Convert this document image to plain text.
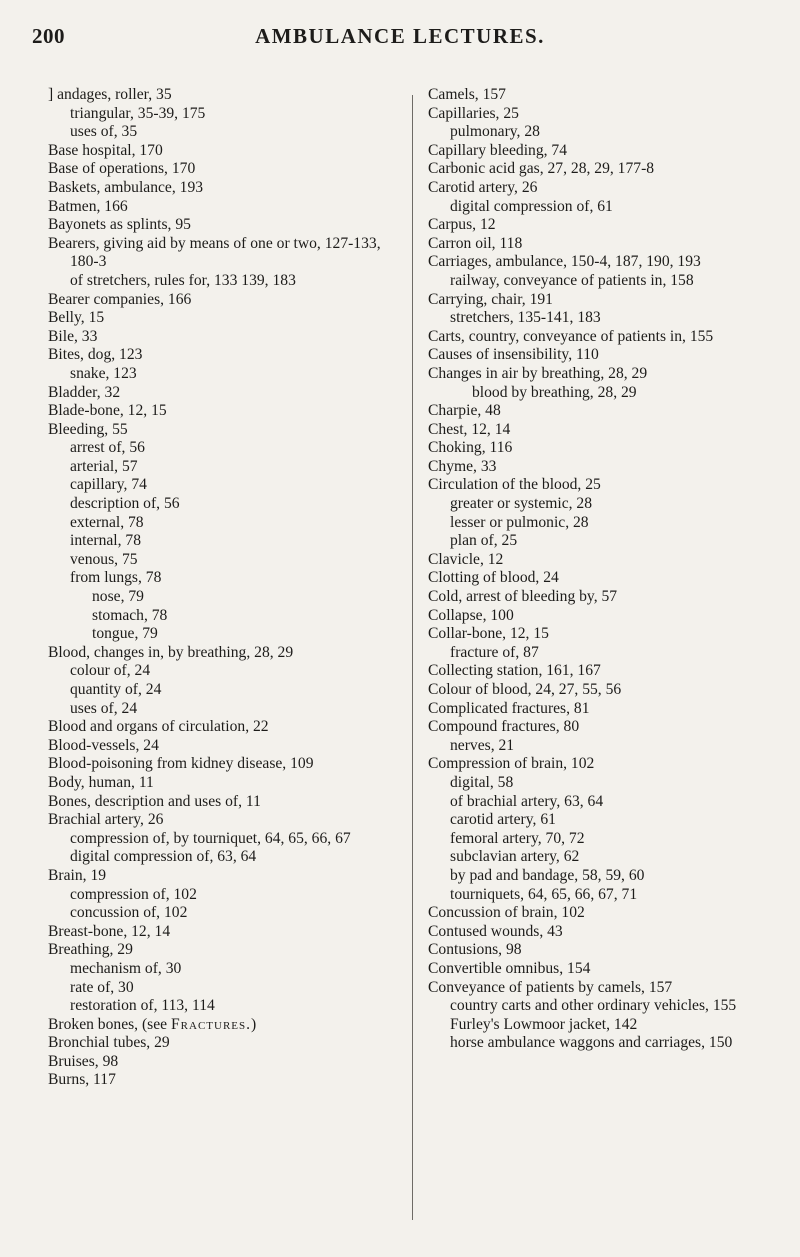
200	AMBULANCE LECTURES.
] andages, roller, 35
triangular, 35-39, 175
uses of, 35
Base hospital, 170
Base of operations, 170
Baskets, ambulance, 193
Batmen, 166
Bayonets as splints, 95
Bearers, giving aid by means of one or two, 127-133, 180-3
of stretchers, rules for, 133 139, 183
Bearer companies, 166
Belly, 15
Bile, 33
Bites, dog, 123
snake, 123
Bladder, 32
Blade-bone, 12, 15
Bleeding, 55
arrest of, 56
arterial, 57
capillary, 74
description of, 56
external, 78
internal, 78
venous, 75
from lungs, 78
nose, 79
stomach, 78
tongue, 79
Blood, changes in, by breathing, 28, 29
colour of, 24
quantity of, 24
uses of, 24
Blood and organs of circulation, 22
Blood-vessels, 24
Blood-poisoning from kidney disease, 109
Body, human, 11
Bones, description and uses of, 11
Brachial artery, 26
compression of, by tourniquet, 64, 65, 66, 67
digital compression of, 63, 64
Brain, 19
compression of, 102
concussion of, 102
Breast-bone, 12, 14
Breathing, 29
mechanism of, 30
rate of, 30
restoration of, 113, 114
Broken bones, (see Fractures.)
Bronchial tubes, 29
Bruises, 98
Burns, 117
Camels, 157
Capillaries, 25
pulmonary, 28
Capillary bleeding, 74
Carbonic acid gas, 27, 28, 29, 177-8
Carotid artery, 26
digital compression of, 61
Carpus, 12
Carron oil, 118
Carriages, ambulance, 150-4, 187, 190, 193
railway, conveyance of patients in, 158
Carrying, chair, 191
stretchers, 135-141, 183
Carts, country, conveyance of patients in, 155
Causes of insensibility, 110
Changes in air by breathing, 28, 29
blood by breathing, 28, 29
Charpie, 48
Chest, 12, 14
Choking, 116
Chyme, 33
Circulation of the blood, 25
greater or systemic, 28
lesser or pulmonic, 28
plan of, 25
Clavicle, 12
Clotting of blood, 24
Cold, arrest of bleeding by, 57
Collapse, 100
Collar-bone, 12, 15
fracture of, 87
Collecting station, 161, 167
Colour of blood, 24, 27, 55, 56
Complicated fractures, 81
Compound fractures, 80
nerves, 21
Compression of brain, 102
digital, 58
of brachial artery, 63, 64
carotid artery, 61
femoral artery, 70, 72
subclavian artery, 62
by pad and bandage, 58, 59, 60
tourniquets, 64, 65, 66, 67, 71
Concussion of brain, 102
Contused wounds, 43
Contusions, 98
Convertible omnibus, 154
Conveyance of patients by camels, 157
country carts and other ordinary vehicles, 155
Furley's Lowmoor jacket, 142
horse ambulance waggons and carriages, 150
